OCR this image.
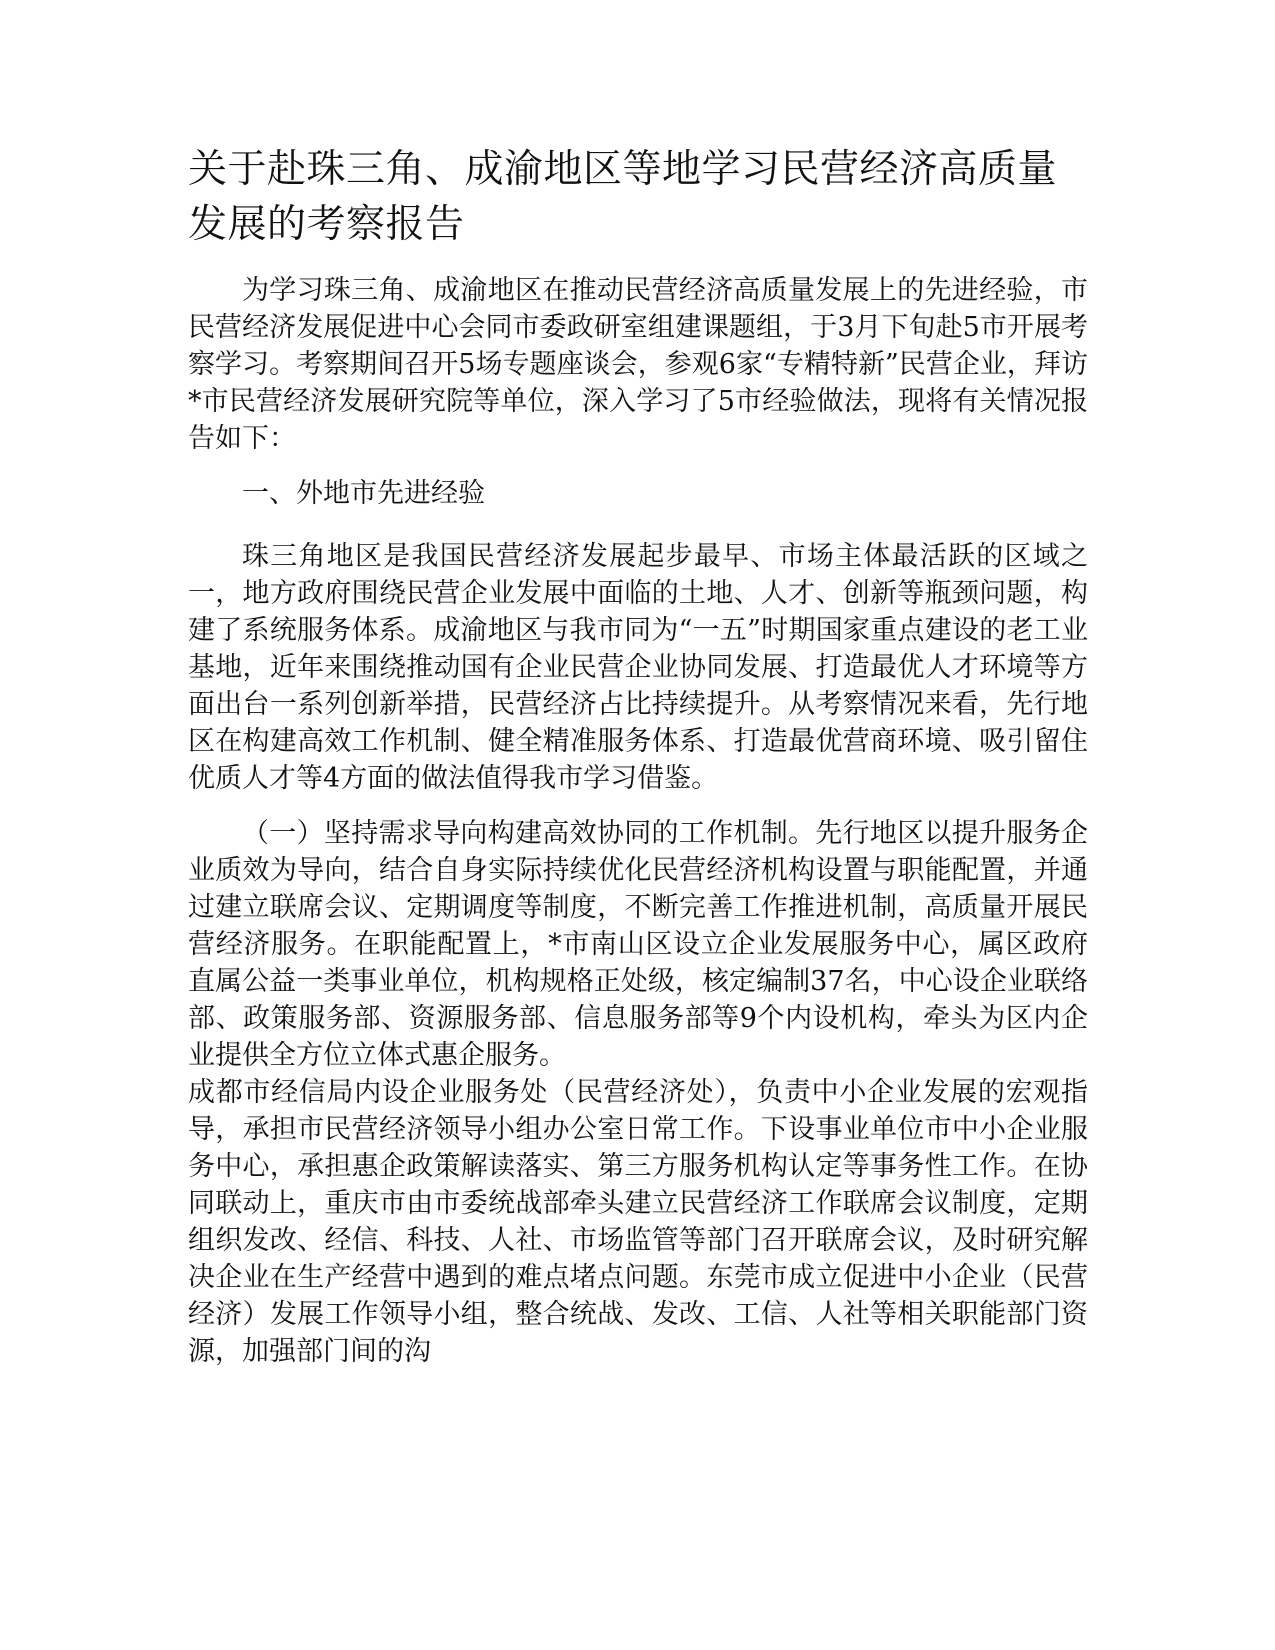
关于赴珠三角、成渝地区等地学习民营经济高质量发展的考察报告

为学习珠三角、成渝地区在推动民营经济高质量发展上的先进经验，市民营经济发展促进中心会同市委政研室组建课题组，于3月下旬赴5市开展考察学习。考察期间召开5场专题座谈会，参观6家“专精特新”民营企业，拜访*市民营经济发展研究院等单位，深入学习了5市经验做法，现将有关情况报告如下：

一、外地市先进经验

珠三角地区是我国民营经济发展起步最早、市场主体最活跃的区域之一，地方政府围绕民营企业发展中面临的土地、人才、创新等瓶颈问题，构建了系统服务体系。成渝地区与我市同为“一五”时期国家重点建设的老工业基地，近年来围绕推动国有企业民营企业协同发展、打造最优人才环境等方面出台一系列创新举措，民营经济占比持续提升。从考察情况来看，先行地区在构建高效工作机制、健全精准服务体系、打造最优营商环境、吸引留住优质人才等4方面的做法值得我市学习借鉴。

（一）坚持需求导向构建高效协同的工作机制。先行地区以提升服务企业质效为导向，结合自身实际持续优化民营经济机构设置与职能配置，并通过建立联席会议、定期调度等制度，不断完善工作推进机制，高质量开展民营经济服务。在职能配置上，*市南山区设立企业发展服务中心，属区政府直属公益一类事业单位，机构规格正处级，核定编制37名，中心设企业联络部、政策服务部、资源服务部、信息服务部等9个内设机构，牵头为区内企业提供全方位立体式惠企服务。

成都市经信局内设企业服务处（民营经济处），负责中小企业发展的宏观指导，承担市民营经济领导小组办公室日常工作。下设事业单位市中小企业服务中心，承担惠企政策解读落实、第三方服务机构认定等事务性工作。在协同联动上，重庆市由市委统战部牵头建立民营经济工作联席会议制度，定期组织发改、经信、科技、人社、市场监管等部门召开联席会议，及时研究解决企业在生产经营中遇到的难点堵点问题。东莞市成立促进中小企业（民营经济）发展工作领导小组，整合统战、发改、工信、人社等相关职能部门资源，加强部门间的沟
